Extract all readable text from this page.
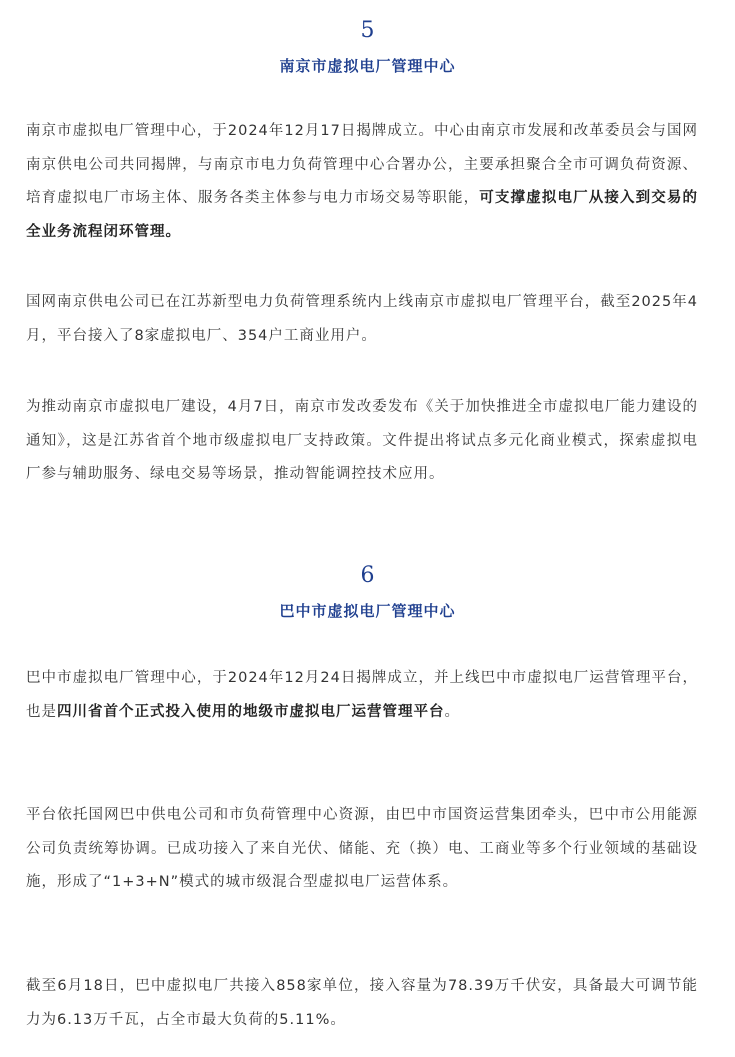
5
南京市虚拟电厂管理中心

南京市虚拟电厂管理中心，于2024年12月17日揭牌成立。中心由南京市发展和改革委员会与国网南京供电公司共同揭牌，与南京市电力负荷管理中心合署办公，主要承担聚合全市可调负荷资源、培育虚拟电厂市场主体、服务各类主体参与电力市场交易等职能，可支撑虚拟电厂从接入到交易的全业务流程闭环管理。

国网南京供电公司已在江苏新型电力负荷管理系统内上线南京市虚拟电厂管理平台，截至2025年4月，平台接入了8家虚拟电厂、354户工商业用户。

为推动南京市虚拟电厂建设，4月7日，南京市发改委发布《关于加快推进全市虚拟电厂能力建设的通知》，这是江苏省首个地市级虚拟电厂支持政策。文件提出将试点多元化商业模式，探索虚拟电厂参与辅助服务、绿电交易等场景，推动智能调控技术应用。

6
巴中市虚拟电厂管理中心

巴中市虚拟电厂管理中心，于2024年12月24日揭牌成立，并上线巴中市虚拟电厂运营管理平台，也是四川省首个正式投入使用的地级市虚拟电厂运营管理平台。

平台依托国网巴中供电公司和市负荷管理中心资源，由巴中市国资运营集团牵头，巴中市公用能源公司负责统筹协调。已成功接入了来自光伏、储能、充（换）电、工商业等多个行业领域的基础设施，形成了“1+3+N”模式的城市级混合型虚拟电厂运营体系。

截至6月18日，巴中虚拟电厂共接入858家单位，接入容量为78.39万千伏安，具备最大可调节能力为6.13万千瓦，占全市最大负荷的5.11%。
